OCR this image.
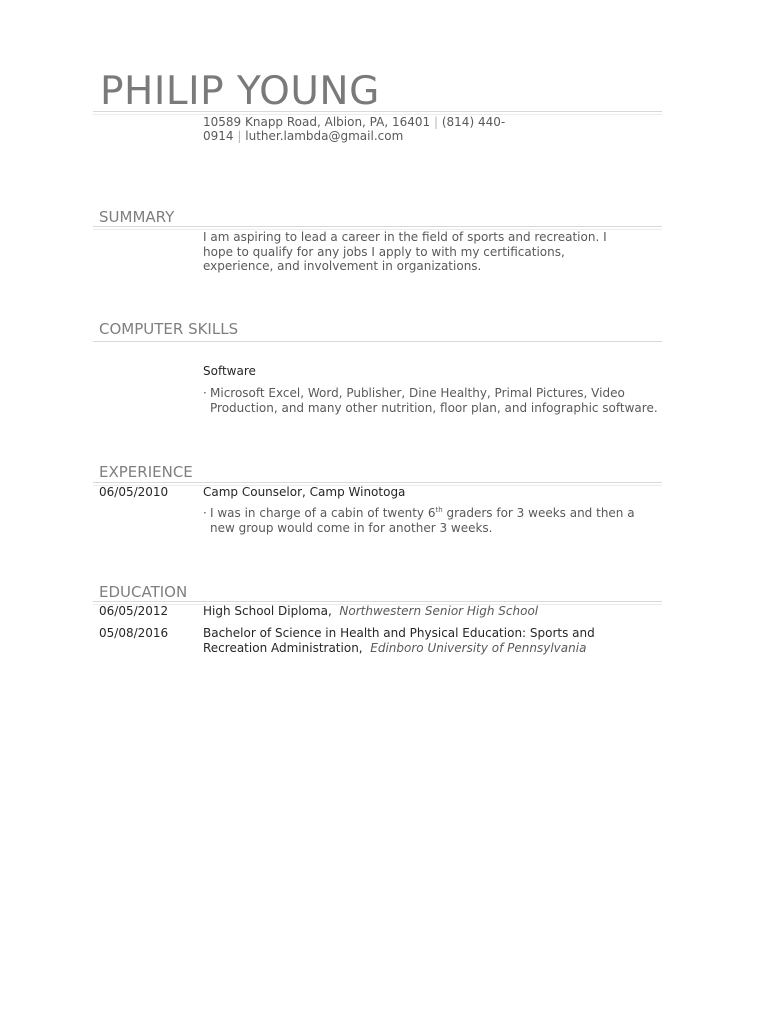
PHILIP YOUNG
10589 Knapp Road, Albion, PA, 16401 | (814) 440-0914 | luther.lambda@gmail.com
SUMMARY
I am aspiring to lead a career in the field of sports and recreation. I hope to qualify for any jobs I apply to with my certifications, experience, and involvement in organizations.
COMPUTER SKILLS
Software
· Microsoft Excel, Word, Publisher, Dine Healthy, Primal Pictures, Video Production, and many other nutrition, floor plan, and infographic software.
EXPERIENCE
06/05/2010	Camp Counselor, Camp Winotoga
· I was in charge of a cabin of twenty 6th graders for 3 weeks and then a new group would come in for another 3 weeks.
EDUCATION
06/05/2012	High School Diploma, Northwestern Senior High School
05/08/2016	Bachelor of Science in Health and Physical Education: Sports and Recreation Administration, Edinboro University of Pennsylvania
